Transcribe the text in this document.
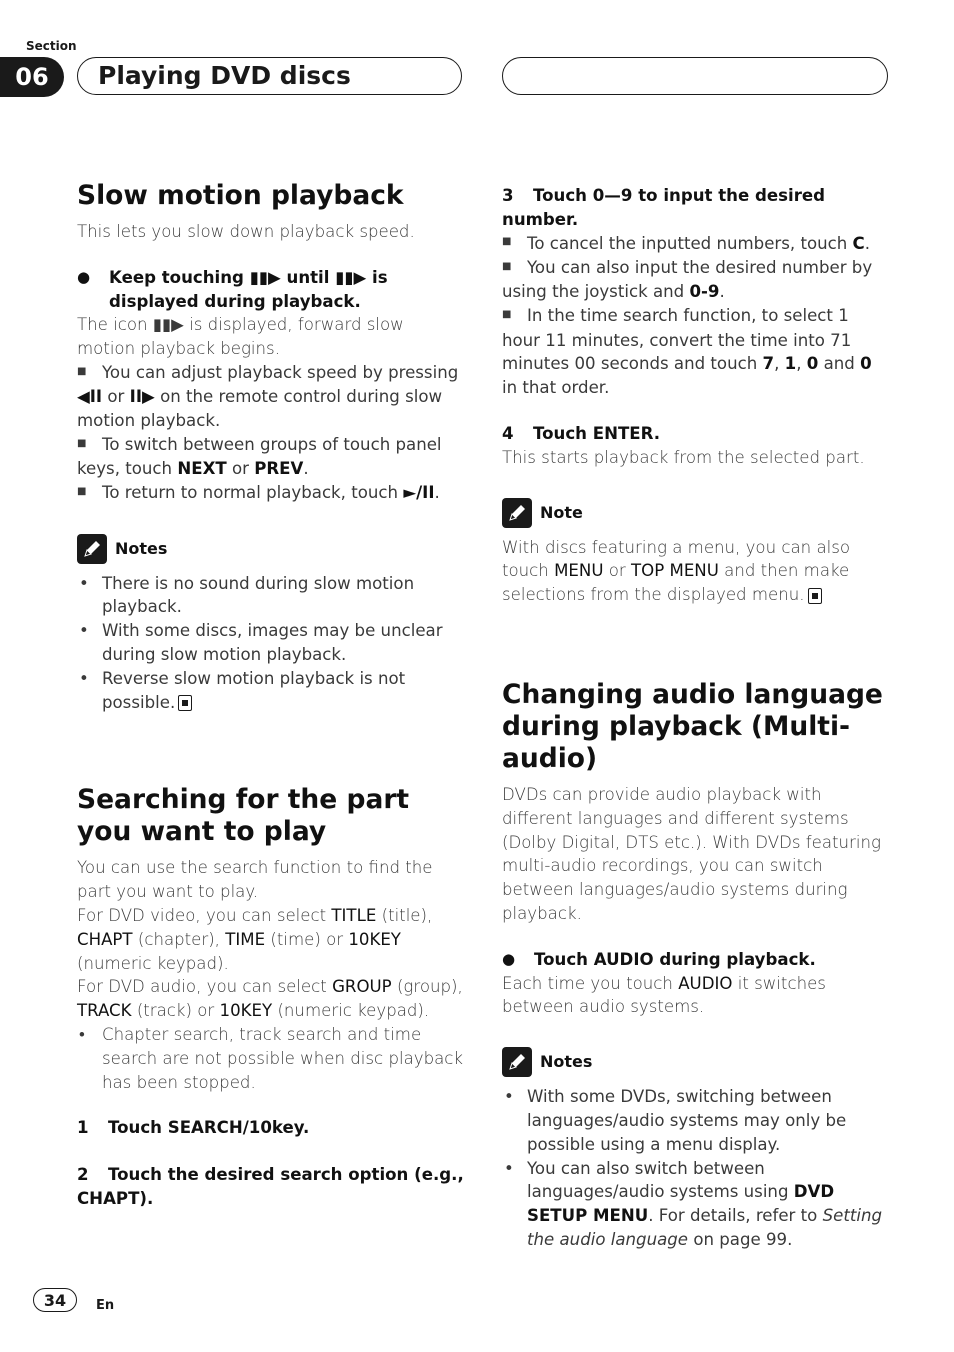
Section
06	Playing DVD discs
Slow motion playback

This lets you slow down playback speed.

● Keep touching ▮▮▶ until ▮▮▶ is displayed during playback.

The icon ▮▮▶ is displayed, forward slow motion playback begins.

■ You can adjust playback speed by pressing ◀II or II▶ on the remote control during slow motion playback.

■ To switch between groups of touch panel keys, touch NEXT or PREV.

■ To return to normal playback, touch ►/II.

Notes

• There is no sound during slow motion playback.

• With some discs, images may be unclear during slow motion playback.

• Reverse slow motion playback is not possible.

Searching for the part you want to play

You can use the search function to find the part you want to play.

For DVD video, you can select TITLE (title), CHAPT (chapter), TIME (time) or 10KEY (numeric keypad).

For DVD audio, you can select GROUP (group), TRACK (track) or 10KEY (numeric keypad).

• Chapter search, track search and time search are not possible when disc playback has been stopped.

1 Touch SEARCH/10key.

2 Touch the desired search option (e.g., CHAPT).

3 Touch 0—9 to input the desired number.

■ To cancel the inputted numbers, touch C.

■ You can also input the desired number by using the joystick and 0-9.

■ In the time search function, to select 1 hour 11 minutes, convert the time into 71 minutes 00 seconds and touch 7, 1, 0 and 0 in that order.

4 Touch ENTER.

This starts playback from the selected part.

Note

With discs featuring a menu, you can also touch MENU or TOP MENU and then make selections from the displayed menu.

Changing audio language during playback (Multi-audio)

DVDs can provide audio playback with different languages and different systems (Dolby Digital, DTS etc.). With DVDs featuring multi-audio recordings, you can switch between languages/audio systems during playback.

● Touch AUDIO during playback.

Each time you touch AUDIO it switches between audio systems.

Notes

• With some DVDs, switching between languages/audio systems may only be possible using a menu display.

• You can also switch between languages/audio systems using DVD SETUP MENU. For details, refer to Setting the audio language on page 99.

34	En
